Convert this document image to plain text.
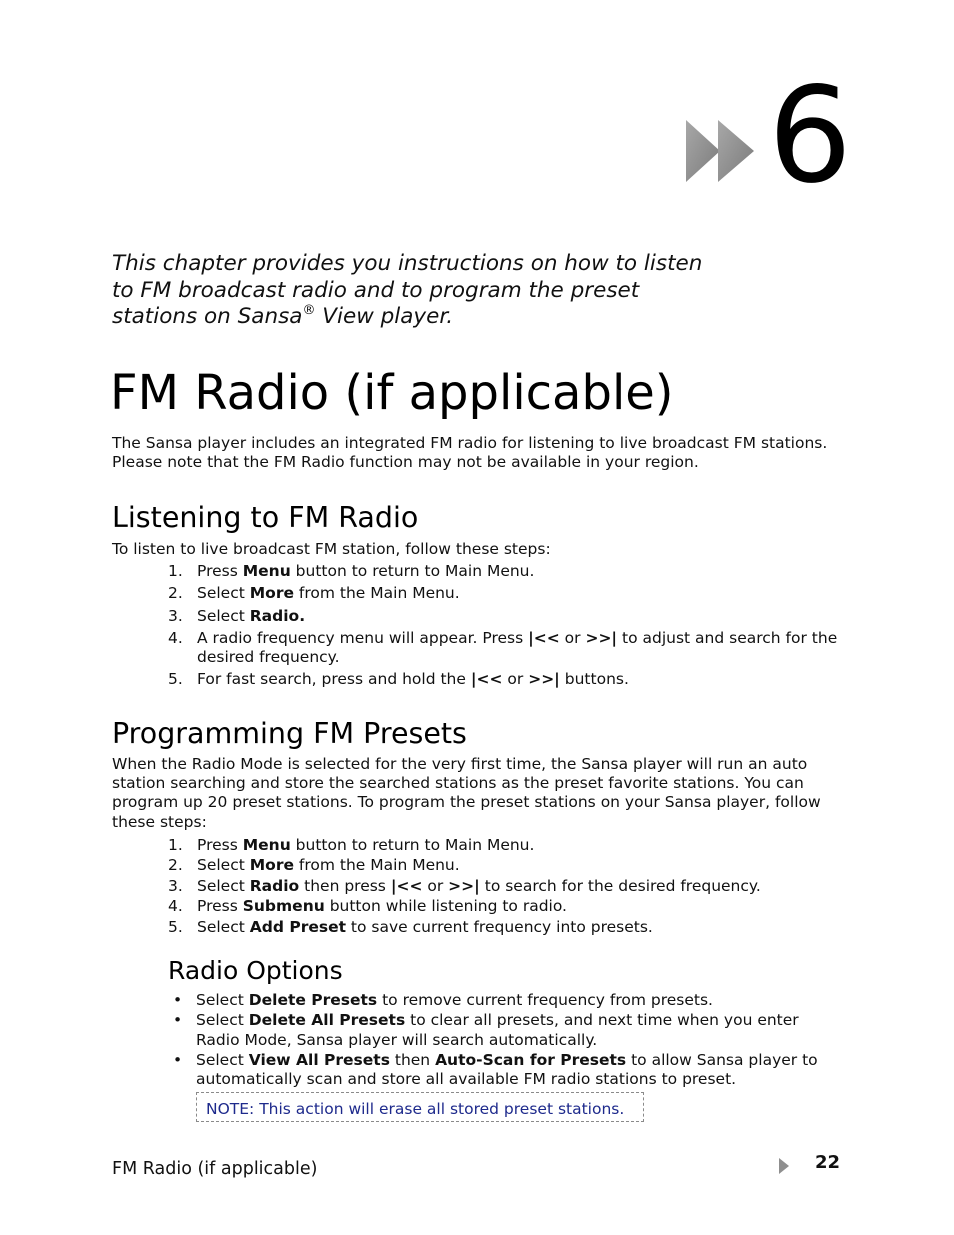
6

This chapter provides you instructions on how to listen

to FM broadcast radio and to program the preset

stations on Sansa® View player.

FM Radio (if applicable)

The Sansa player includes an integrated FM radio for listening to live broadcast FM stations. Please note that the FM Radio function may not be available in your region.

Listening to FM Radio

To listen to live broadcast FM station, follow these steps:

1. Press Menu button to return to Main Menu.
2. Select More from the Main Menu.
3. Select Radio.
4. A radio frequency menu will appear. Press |<< or >>| to adjust and search for the desired frequency.
5. For fast search, press and hold the |<< or >>| buttons.
Programming FM Presets

When the Radio Mode is selected for the very first time, the Sansa player will run an auto station searching and store the searched stations as the preset favorite stations. You can program up 20 preset stations. To program the preset stations on your Sansa player, follow these steps:

1. Press Menu button to return to Main Menu.
2. Select More from the Main Menu.
3. Select Radio then press |<< or >>| to search for the desired frequency.
4. Press Submenu button while listening to radio.
5. Select Add Preset to save current frequency into presets.
Radio Options
• Select Delete Presets to remove current frequency from presets.
• Select Delete All Presets to clear all presets, and next time when you enter Radio Mode, Sansa player will search automatically.
• Select View All Presets then Auto-Scan for Presets to allow Sansa player to automatically scan and store all available FM radio stations to preset.
NOTE: This action will erase all stored preset stations.
FM Radio (if applicable)	22
